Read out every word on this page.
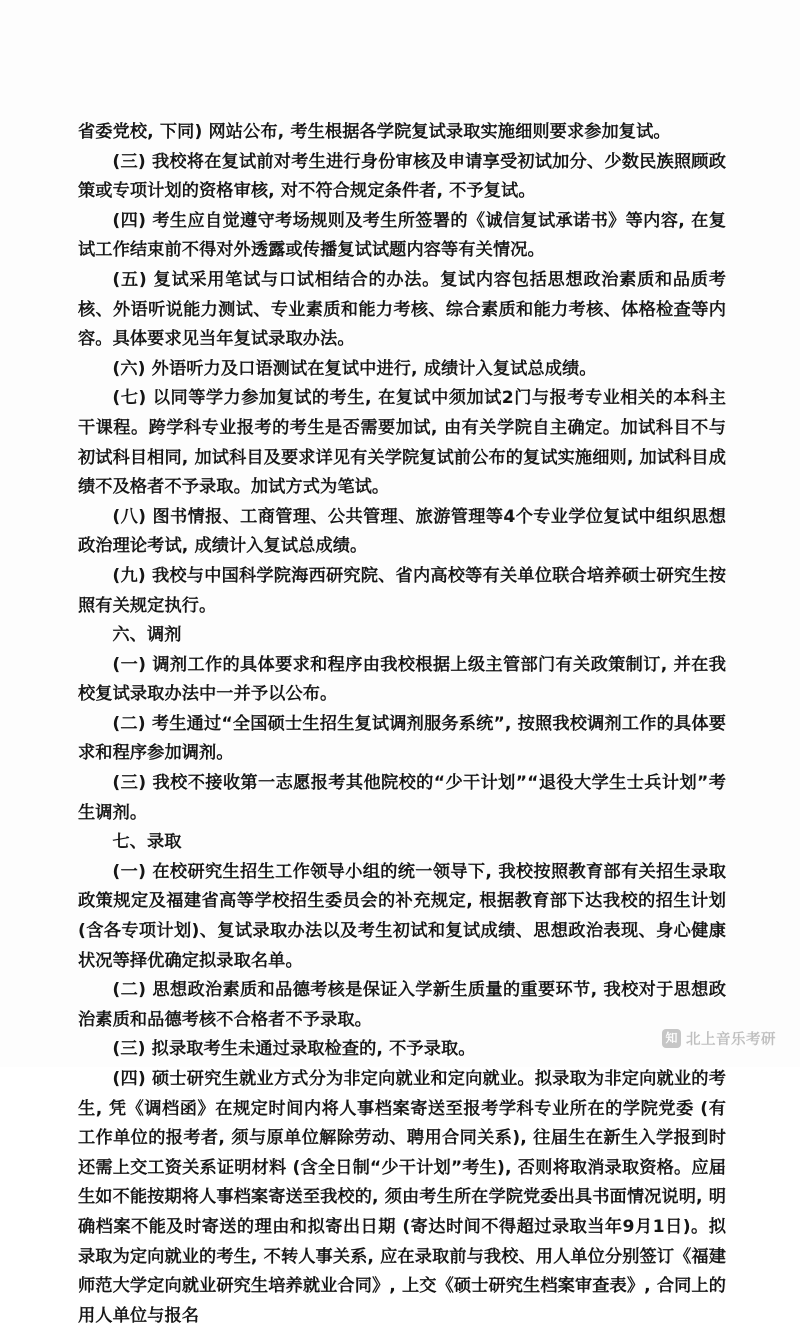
省委党校, 下同) 网站公布, 考生根据各学院复试录取实施细则要求参加复试。

(三) 我校将在复试前对考生进行身份审核及申请享受初试加分、少数民族照顾政策或专项计划的资格审核, 对不符合规定条件者, 不予复试。

(四) 考生应自觉遵守考场规则及考生所签署的《诚信复试承诺书》等内容, 在复试工作结束前不得对外透露或传播复试试题内容等有关情况。

(五) 复试采用笔试与口试相结合的办法。复试内容包括思想政治素质和品质考核、外语听说能力测试、专业素质和能力考核、综合素质和能力考核、体格检查等内容。具体要求见当年复试录取办法。

(六) 外语听力及口语测试在复试中进行, 成绩计入复试总成绩。

(七) 以同等学力参加复试的考生, 在复试中须加试2门与报考专业相关的本科主干课程。跨学科专业报考的考生是否需要加试, 由有关学院自主确定。加试科目不与初试科目相同, 加试科目及要求详见有关学院复试前公布的复试实施细则, 加试科目成绩不及格者不予录取。加试方式为笔试。

(八) 图书情报、工商管理、公共管理、旅游管理等4个专业学位复试中组织思想政治理论考试, 成绩计入复试总成绩。

(九) 我校与中国科学院海西研究院、省内高校等有关单位联合培养硕士研究生按照有关规定执行。

六、调剂

(一) 调剂工作的具体要求和程序由我校根据上级主管部门有关政策制订, 并在我校复试录取办法中一并予以公布。

(二) 考生通过“全国硕士生招生复试调剂服务系统”, 按照我校调剂工作的具体要求和程序参加调剂。

(三) 我校不接收第一志愿报考其他院校的“少干计划”“退役大学生士兵计划”考生调剂。

七、录取

(一) 在校研究生招生工作领导小组的统一领导下, 我校按照教育部有关招生录取政策规定及福建省高等学校招生委员会的补充规定, 根据教育部下达我校的招生计划 (含各专项计划)、复试录取办法以及考生初试和复试成绩、思想政治表现、身心健康状况等择优确定拟录取名单。

(二) 思想政治素质和品德考核是保证入学新生质量的重要环节, 我校对于思想政治素质和品德考核不合格者不予录取。

(三) 拟录取考生未通过录取检查的, 不予录取。

(四) 硕士研究生就业方式分为非定向就业和定向就业。拟录取为非定向就业的考生, 凭《调档函》在规定时间内将人事档案寄送至报考学科专业所在的学院党委 (有工作单位的报考者, 须与原单位解除劳动、聘用合同关系), 往届生在新生入学报到时还需上交工资关系证明材料 (含全日制“少干计划”考生), 否则将取消录取资格。应届生如不能按期将人事档案寄送至我校的, 须由考生所在学院党委出具书面情况说明, 明确档案不能及时寄送的理由和拟寄出日期 (寄达时间不得超过录取当年9月1日)。拟录取为定向就业的考生, 不转人事关系, 应在录取前与我校、用人单位分别签订《福建师范大学定向就业研究生培养就业合同》, 上交《硕士研究生档案审查表》, 合同上的用人单位与报名

知 北上音乐考研
